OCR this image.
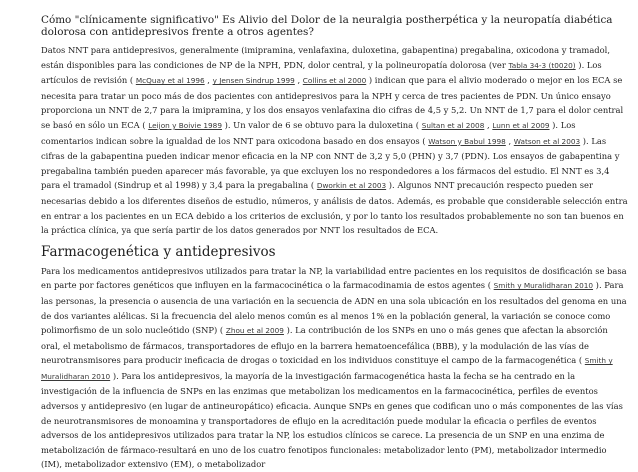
Cómo "clínicamente significativo" Es Alivio del Dolor de la neuralgia postherpética y la neuropatía diabética dolorosa con antidepresivos frente a otros agentes?

Datos NNT para antidepresivos, generalmente (imipramina, venlafaxina, duloxetina, gabapentina) pregabalina, oxicodona y tramadol, están disponibles para las condiciones de NP de la NPH, PDN, dolor central, y la polineuropatía dolorosa (ver Tabla 34-3 (t0020) ). Los artículos de revisión ( McQuay et al 1996 , y Jensen Sindrup 1999 , Collins et al 2000 ) indican que para el alivio moderado o mejor en los ECA se necesita para tratar un poco más de dos pacientes con antidepresivos para la NPH y cerca de tres pacientes de PDN. Un único ensayo proporciona un NNT de 2,7 para la imipramina, y los dos ensayos venlafaxina dio cifras de 4,5 y 5,2. Un NNT de 1,7 para el dolor central se basó en sólo un ECA ( Leijon y Boivie 1989 ). Un valor de 6 se obtuvo para la duloxetina ( Sultan et al 2008 , Lunn et al 2009 ). Los comentarios indican sobre la igualdad de los NNT para oxicodona basado en dos ensayos ( Watson y Babul 1998 , Watson et al 2003 ). Las cifras de la gabapentina pueden indicar menor eficacia en la NP con NNT de 3,2 y 5,0 (PHN) y 3,7 (PDN). Los ensayos de gabapentina y pregabalina también pueden aparecer más favorable, ya que excluyen los no respondedores a los fármacos del estudio. El NNT es 3,4 para el tramadol (Sindrup et al 1998) y 3,4 para la pregabalina ( Dworkin et al 2003 ). Algunos NNT precaución respecto pueden ser necesarias debido a los diferentes diseños de estudio, números, y análisis de datos. Además, es probable que considerable selección entra en entrar a los pacientes en un ECA debido a los criterios de exclusión, y por lo tanto los resultados probablemente no son tan buenos en la práctica clínica, ya que sería partir de los datos generados por NNT los resultados de ECA.

Farmacogenética y antidepresivos

Para los medicamentos antidepresivos utilizados para tratar la NP, la variabilidad entre pacientes en los requisitos de dosificación se basa en parte por factores genéticos que influyen en la farmacocinética o la farmacodinamia de estos agentes ( Smith y Muralidharan 2010 ). Para las personas, la presencia o ausencia de una variación en la secuencia de ADN en una sola ubicación en los resultados del genoma en una de dos variantes alélicas. Si la frecuencia del alelo menos común es al menos 1% en la población general, la variación se conoce como polimorfismo de un solo nucleótido (SNP) ( Zhou et al 2009 ). La contribución de los SNPs en uno o más genes que afectan la absorción oral, el metabolismo de fármacos, transportadores de eflujo en la barrera hematoencefálica (BBB), y la modulación de las vías de neurotransmisores para producir ineficacia de drogas o toxicidad en los individuos constituye el campo de la farmacogenética ( Smith y Muralidharan 2010 ). Para los antidepresivos, la mayoría de la investigación farmacogenética hasta la fecha se ha centrado en la investigación de la influencia de SNPs en las enzimas que metabolizan los medicamentos en la farmacocinética, perfiles de eventos adversos y antidepresivo (en lugar de antineuropático) eficacia. Aunque SNPs en genes que codifican uno o más componentes de las vías de neurotransmisores de monoamina y transportadores de eflujo en la acreditación puede modular la eficacia o perfiles de eventos adversos de los antidepresivos utilizados para tratar la NP, los estudios clínicos se carece. La presencia de un SNP en una enzima de metabolización de fármaco-resultará en uno de los cuatro fenotipos funcionales: metabolizador lento (PM), metabolizador intermedio (IM), metabolizador extensivo (EM), o metabolizador
